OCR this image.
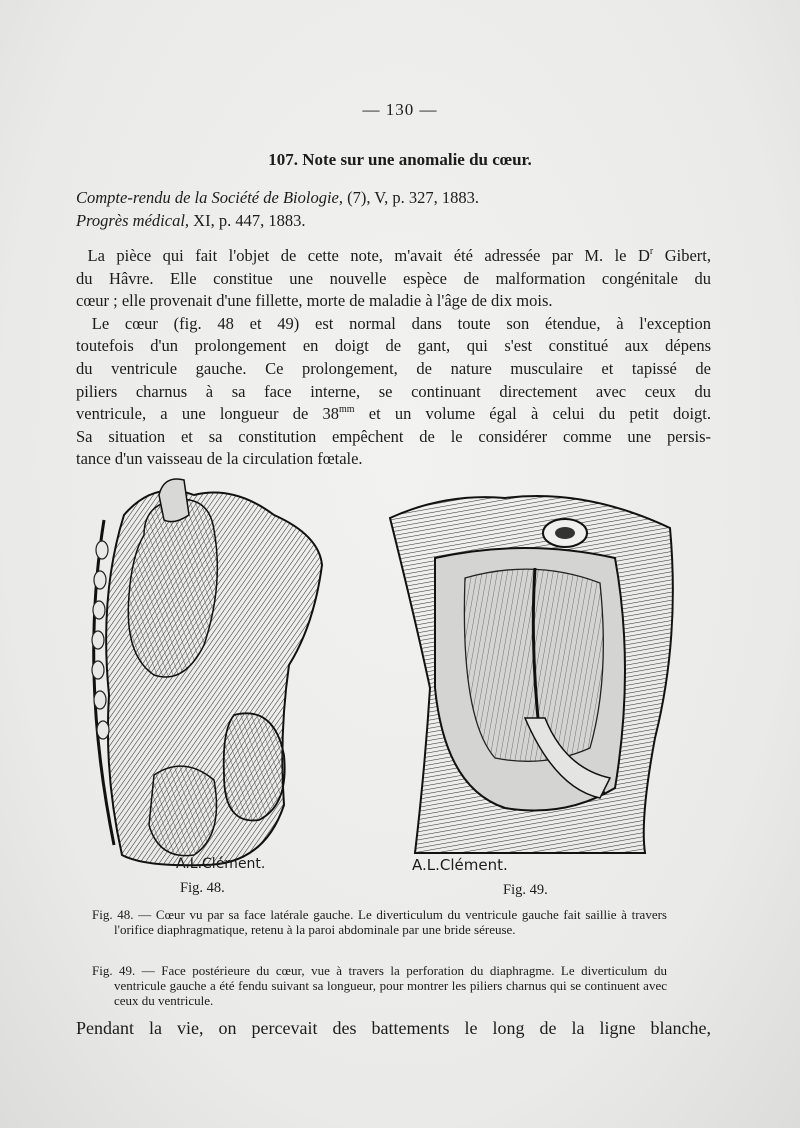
— 130 —
107. Note sur une anomalie du cœur.
Compte-rendu de la Société de Biologie, (7), V, p. 327, 1883.
Progrès médical, XI, p. 447, 1883.
La pièce qui fait l'objet de cette note, m'avait été adressée par M. le $D^r$ Gibert,
du Hâvre. Elle constitue une nouvelle espèce de malformation congénitale du
cœur ; elle provenait d'une fillette, morte de maladie à l'âge de dix mois.
Le cœur (fig. 48 et 49) est normal dans toute son étendue, à l'exception
toutefois d'un prolongement en doigt de gant, qui s'est constitué aux dépens
du ventricule gauche. Ce prolongement, de nature musculaire et tapissé de
piliers charnus à sa face interne, se continuant directement avec ceux du
ventricule, a une longueur de $38^{mm}$ et un volume égal à celui du petit doigt.
Sa situation et sa constitution empêchent de le considérer comme une persis-
tance d'un vaisseau de la circulation fœtale.
A.L.Clément.	A.L.Clément.
Fig. 48.	Fig. 49.
Fig. 48. — Cœur vu par sa face latérale gauche. Le diverticulum du ventricule gauche fait saillie à travers l'orifice diaphragmatique, retenu à la paroi abdominale par une bride séreuse.
Fig. 49. — Face postérieure du cœur, vue à travers la perforation du diaphragme. Le diverticulum du ventricule gauche a été fendu suivant sa longueur, pour montrer les piliers charnus qui se continuent avec ceux du ventricule.
Pendant la vie, on percevait des battements le long de la ligne blanche,
